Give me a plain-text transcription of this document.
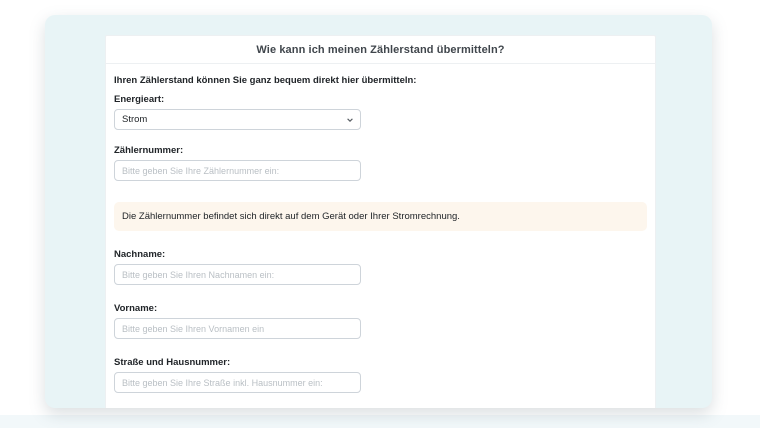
Wie kann ich meinen Zählerstand übermitteln?

Ihren Zählerstand können Sie ganz bequem direkt hier übermitteln:

Energieart:
Strom
Zählernummer:
Bitte geben Sie Ihre Zählernummer ein:
Die Zählernummer befindet sich direkt auf dem Gerät oder Ihrer Stromrechnung.
Nachname:
Bitte geben Sie Ihren Nachnamen ein:
Vorname:
Bitte geben Sie Ihren Vornamen ein
Straße und Hausnummer:
Bitte geben Sie Ihre Straße inkl. Hausnummer ein:
